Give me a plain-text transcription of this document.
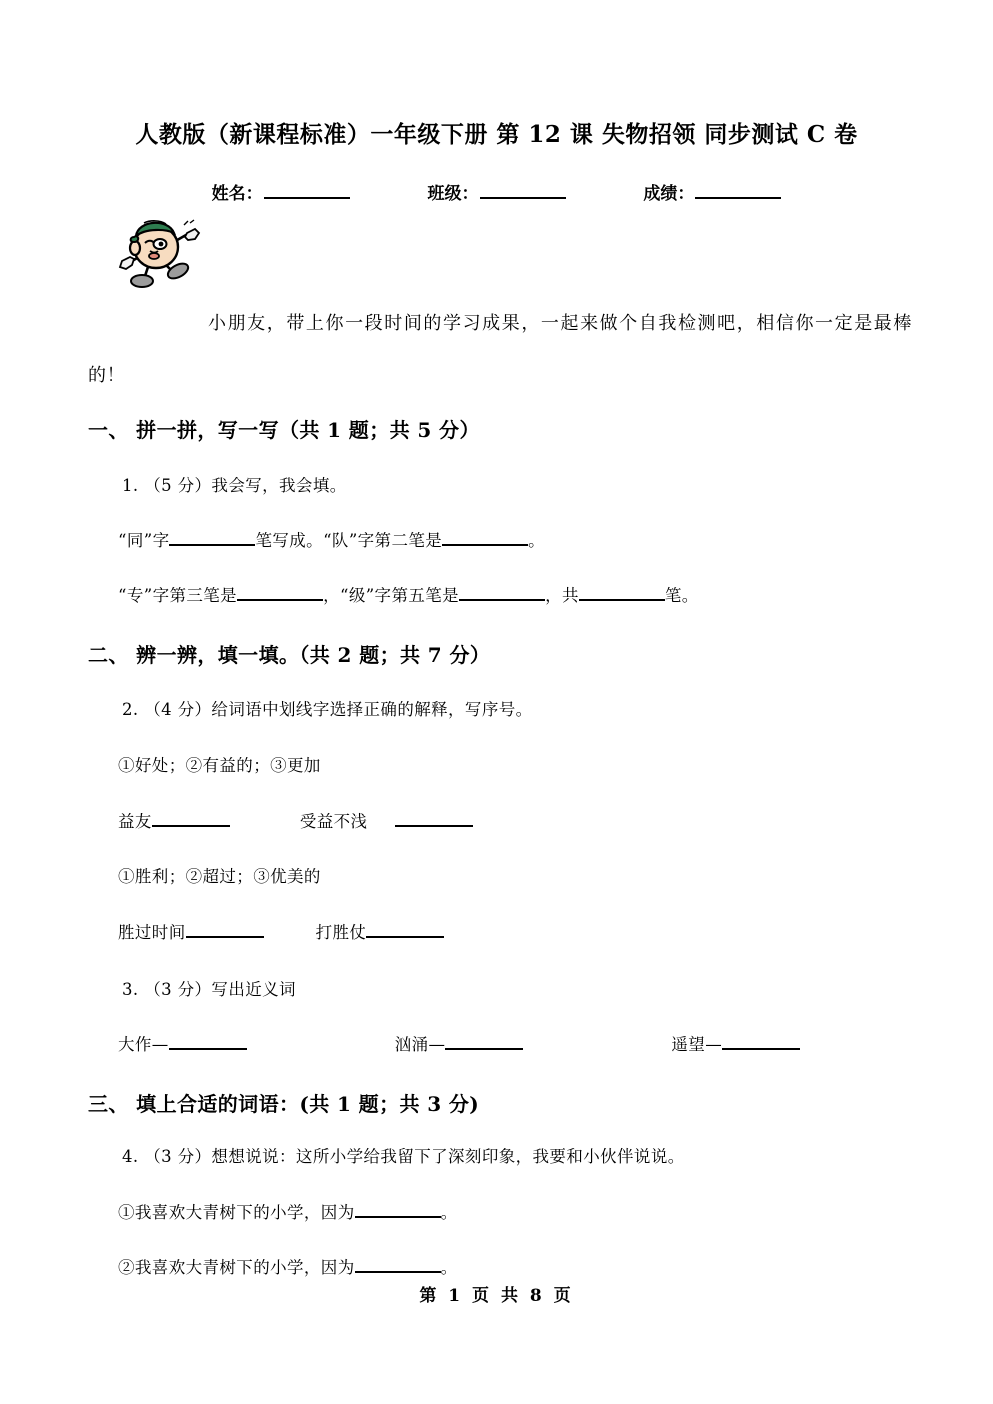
人教版（新课程标准）一年级下册 第 12 课 失物招领 同步测试 C 卷
姓名：	班级：	成绩：
小朋友，带上你一段时间的学习成果，一起来做个自我检测吧，相信你一定是最棒的！
一、 拼一拼，写一写（共 1 题；共 5 分）
1. （5 分）我会写，我会填。
“同”字	笔写成。“队”字第二笔是	。
“专”字第三笔是	，“级”字第五笔是	，共	笔。
二、 辨一辨，填一填。（共 2 题；共 7 分）
2. （4 分）给词语中划线字选择正确的解释，写序号。
①好处；②有益的；③更加
益友	受益不浅
①胜利；②超过；③优美的
胜过时间	打胜仗
3. （3 分）写出近义词
大作—	汹涌—	遥望—
三、 填上合适的词语：(共 1 题；共 3 分)
4. （3 分）想想说说：这所小学给我留下了深刻印象，我要和小伙伴说说。
①我喜欢大青树下的小学，因为	。
②我喜欢大青树下的小学，因为	。
第 1 页 共 8 页
